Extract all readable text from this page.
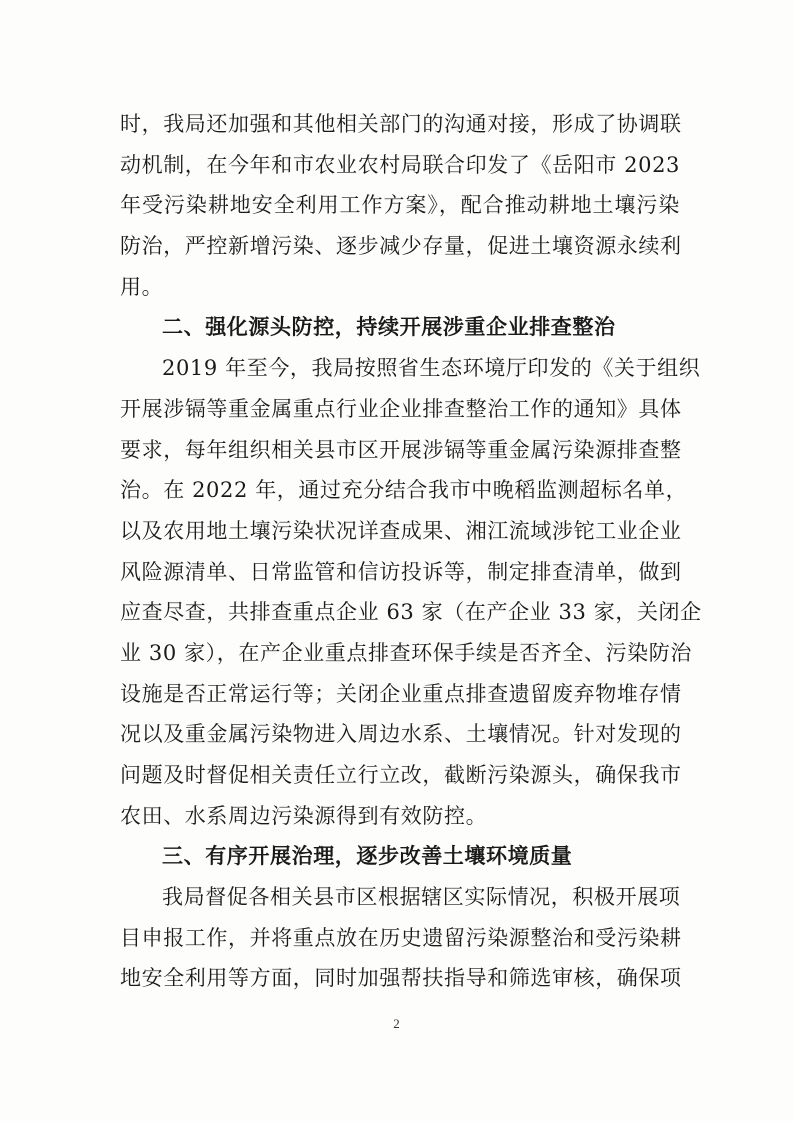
时，我局还加强和其他相关部门的沟通对接，形成了协调联
动机制，在今年和市农业农村局联合印发了《岳阳市 2023
年受污染耕地安全利用工作方案》，配合推动耕地土壤污染
防治，严控新增污染、逐步减少存量，促进土壤资源永续利
用。
二、强化源头防控，持续开展涉重企业排查整治
2019 年至今，我局按照省生态环境厅印发的《关于组织
开展涉镉等重金属重点行业企业排查整治工作的通知》具体
要求，每年组织相关县市区开展涉镉等重金属污染源排查整
治。在 2022 年，通过充分结合我市中晚稻监测超标名单，
以及农用地土壤污染状况详查成果、湘江流域涉铊工业企业
风险源清单、日常监管和信访投诉等，制定排查清单，做到
应查尽查，共排查重点企业 63 家（在产企业 33 家，关闭企
业 30 家），在产企业重点排查环保手续是否齐全、污染防治
设施是否正常运行等；关闭企业重点排查遗留废弃物堆存情
况以及重金属污染物进入周边水系、土壤情况。针对发现的
问题及时督促相关责任立行立改，截断污染源头，确保我市
农田、水系周边污染源得到有效防控。
三、有序开展治理，逐步改善土壤环境质量
我局督促各相关县市区根据辖区实际情况，积极开展项
目申报工作，并将重点放在历史遗留污染源整治和受污染耕
地安全利用等方面，同时加强帮扶指导和筛选审核，确保项
2
